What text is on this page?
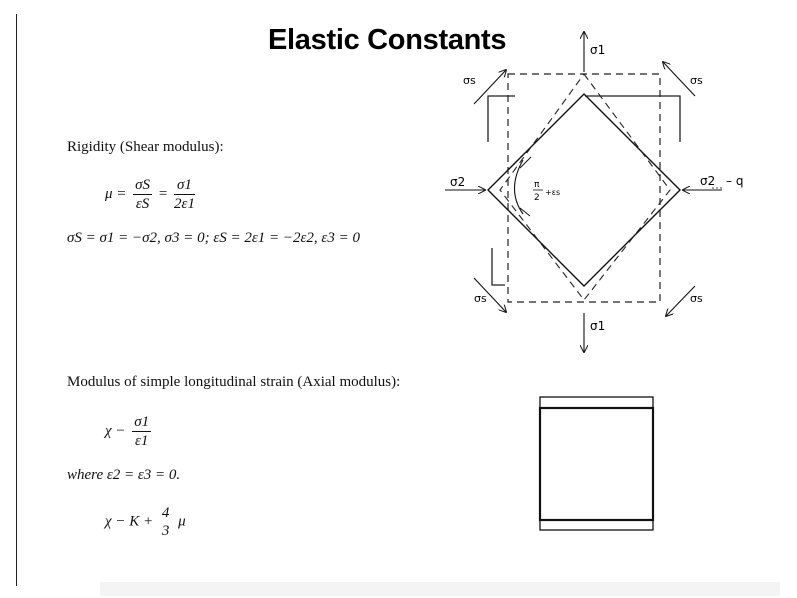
Elastic Constants
Rigidity (Shear modulus):
$\mu = \frac{\sigma S}{\varepsilon S} = \frac{\sigma 1}{2\varepsilon 1}$
σS = σ1 = −σ2, σ3 = 0; εS = 2ε1 = −2ε2, ε3 = 0
Modulus of simple longitudinal strain (Axial modulus):
$\chi - \frac{\sigma 1}{\varepsilon 1}$
where ε2 = ε3 = 0.
χ − K +
4
3
μ
π
2
+εs
σ1
σ1
σ2	σ2 – q
σs	σs
σs	σs
